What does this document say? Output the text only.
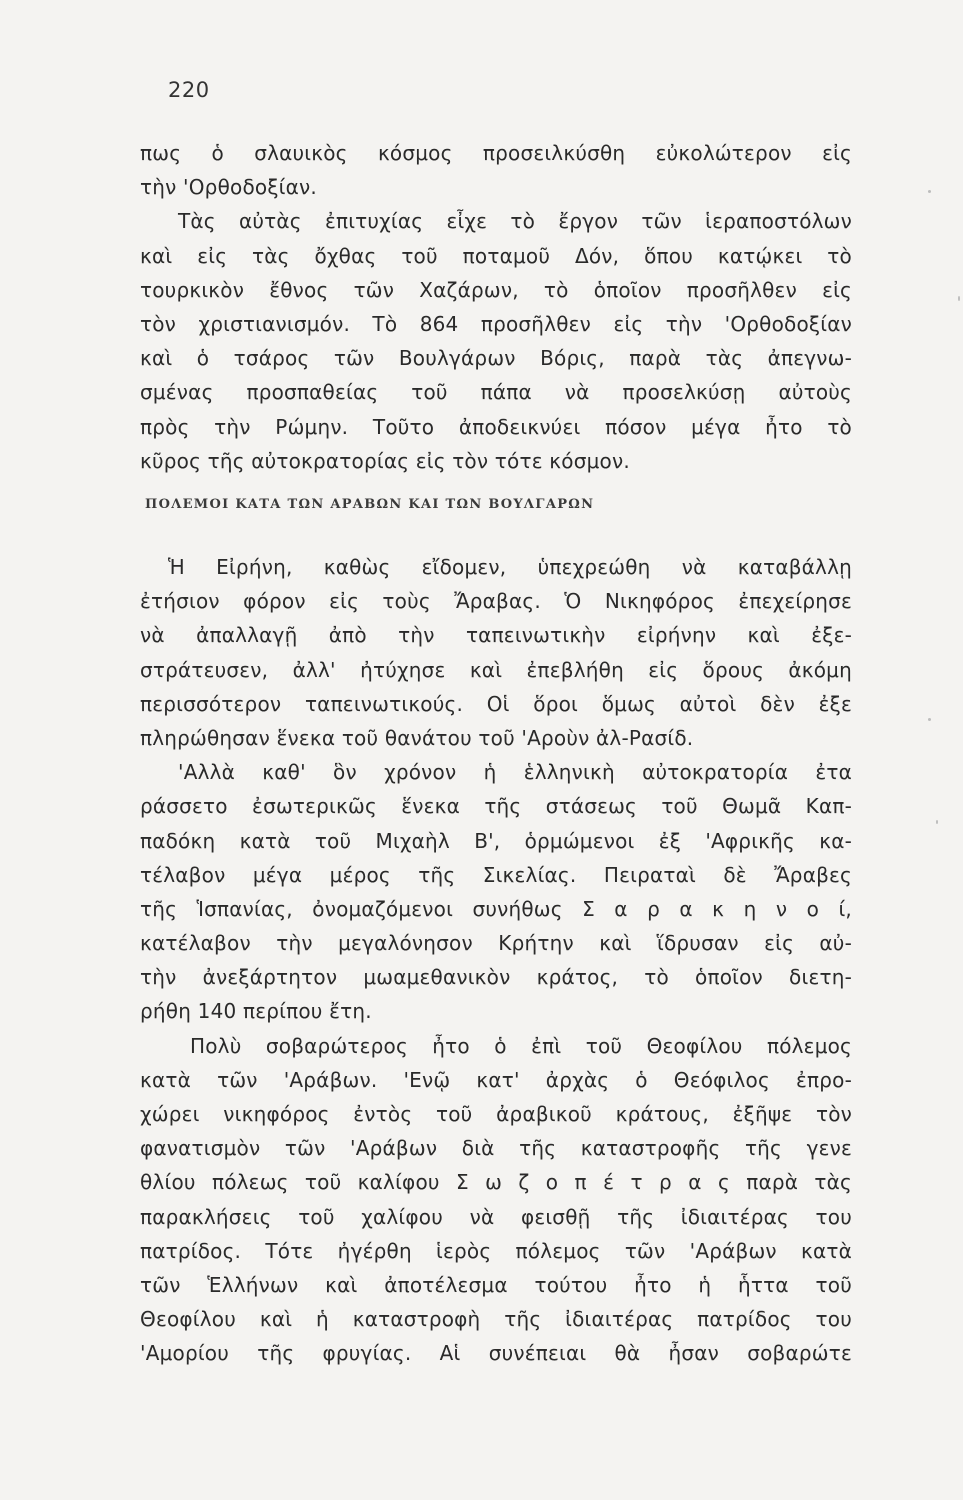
220
πως ὁ σλαυικὸς κόσμος προσειλκύσθη εὐκολώτερον εἰς
τὴν 'Ορθοδοξίαν.
Τὰς αὐτὰς ἐπιτυχίας εἶχε τὸ ἔργον τῶν ἱεραποστόλων
καὶ εἰς τὰς ὄχθας τοῦ ποταμοῦ Δόν, ὅπου κατῴκει τὸ
τουρκικὸν ἔθνος τῶν Χαζάρων, τὸ ὁποῖον προσῆλθεν εἰς
τὸν χριστιανισμόν. Τὸ 864 προσῆλθεν εἰς τὴν 'Ορθοδοξίαν
καὶ ὁ τσάρος τῶν Βουλγάρων Βόρις, παρὰ τὰς ἀπεγνω-
σμένας προσπαθείας τοῦ πάπα νὰ προσελκύσῃ αὐτοὺς
πρὸς τὴν Ρώμην. Τοῦτο ἀποδεικνύει πόσον μέγα ἦτο τὸ
κῦρος τῆς αὐτοκρατορίας εἰς τὸν τότε κόσμον.
ΠΟΛΕΜΟΙ ΚΑΤΑ ΤΩΝ ΑΡΑΒΩΝ ΚΑΙ ΤΩΝ ΒΟΥΛΓΑΡΩΝ
Ἡ Εἰρήνη, καθὼς εἴδομεν, ὑπεχρεώθη νὰ καταβάλλῃ
ἐτήσιον φόρον εἰς τοὺς Ἄραβας. Ὁ Νικηφόρος ἐπεχείρησε
νὰ ἀπαλλαγῇ ἀπὸ τὴν ταπεινωτικὴν εἰρήνην καὶ ἐξε-
στράτευσεν, ἀλλ' ἠτύχησε καὶ ἐπεβλήθη εἰς ὅρους ἀκόμη
περισσότερον ταπεινωτικούς. Οἱ ὅροι ὅμως αὐτοὶ δὲν ἐξε
πληρώθησαν ἕνεκα τοῦ θανάτου τοῦ 'Αροὺν ἀλ-Ρασίδ.
'Αλλὰ καθ' ὃν χρόνον ἡ ἑλληνικὴ αὐτοκρατορία ἐτα
ράσσετο ἐσωτερικῶς ἕνεκα τῆς στάσεως τοῦ Θωμᾶ Καπ-
παδόκη κατὰ τοῦ Μιχαὴλ Β', ὁρμώμενοι ἐξ 'Αφρικῆς κα-
τέλαβον μέγα μέρος τῆς Σικελίας. Πειραταὶ δὲ Ἄραβες
τῆς Ἱσπανίας, ὀνομαζόμενοι συνήθως Σ α ρ α κ η ν ο ί,
κατέλαβον τὴν μεγαλόνησον Κρήτην καὶ ἵδρυσαν εἰς αὐ-
τὴν ἀνεξάρτητον μωαμεθανικὸν κράτος, τὸ ὁποῖον διετη-
ρήθη 140 περίπου ἔτη.
Πολὺ σοβαρώτερος ἦτο ὁ ἐπὶ τοῦ Θεοφίλου πόλεμος
κατὰ τῶν 'Αράβων. 'Ενῷ κατ' ἀρχὰς ὁ Θεόφιλος ἐπρο-
χώρει νικηφόρος ἐντὸς τοῦ ἀραβικοῦ κράτους, ἐξῆψε τὸν
φανατισμὸν τῶν 'Αράβων διὰ τῆς καταστροφῆς τῆς γενε
θλίου πόλεως τοῦ καλίφου Σ ω ζ ο π έ τ ρ α ς παρὰ τὰς
παρακλήσεις τοῦ χαλίφου νὰ φεισθῇ τῆς ἰδιαιτέρας του
πατρίδος. Τότε ἠγέρθη ἱερὸς πόλεμος τῶν 'Αράβων κατὰ
τῶν Ἑλλήνων καὶ ἀποτέλεσμα τούτου ἦτο ἡ ἧττα τοῦ
Θεοφίλου καὶ ἡ καταστροφὴ τῆς ἰδιαιτέρας πατρίδος του
'Αμορίου τῆς φρυγίας. Αἱ συνέπειαι θὰ ἦσαν σοβαρώτε
